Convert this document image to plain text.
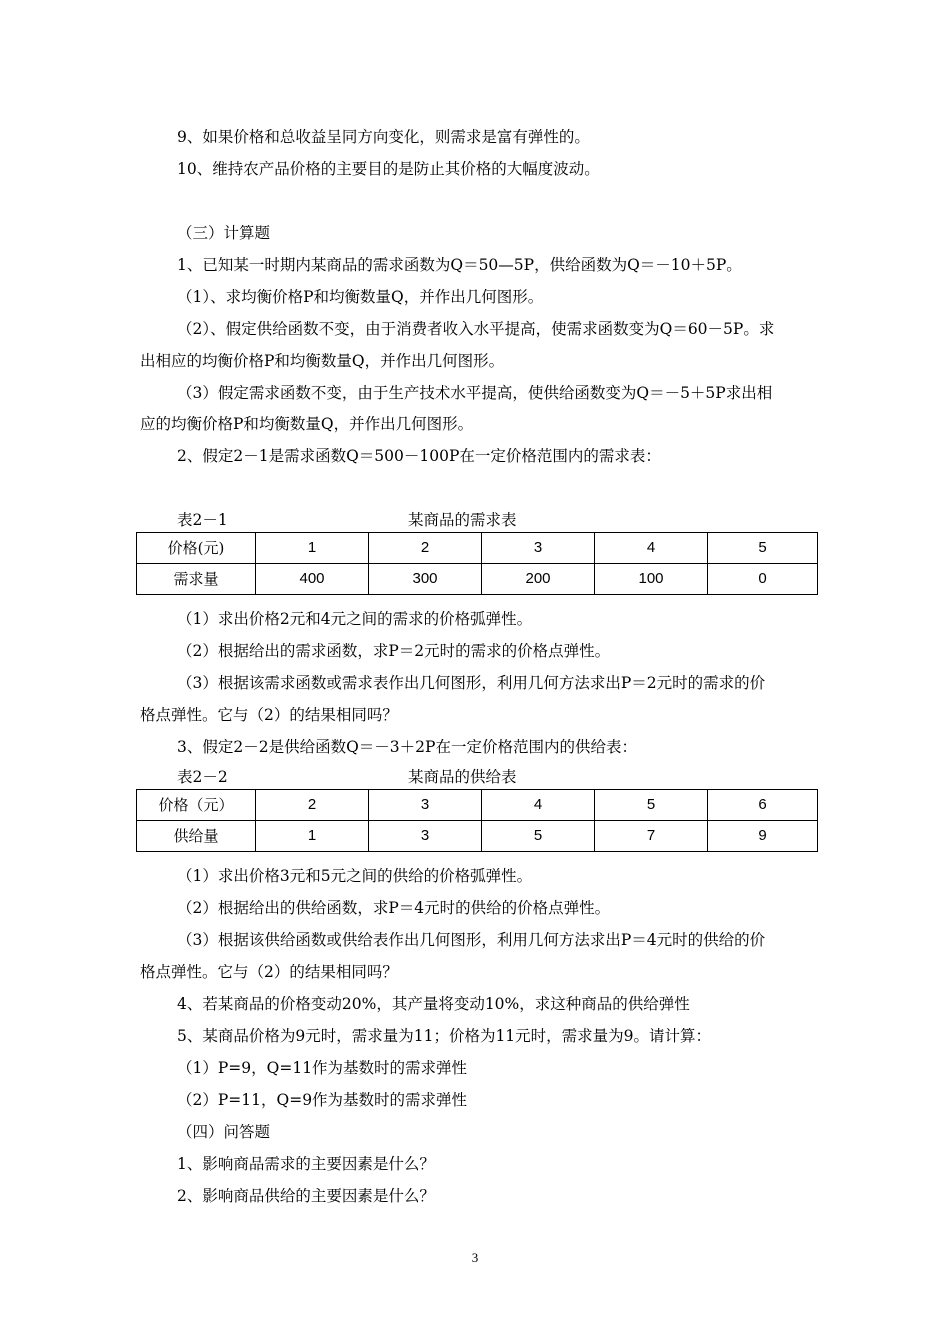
9、如果价格和总收益呈同方向变化，则需求是富有弹性的。
10、维持农产品价格的主要目的是防止其价格的大幅度波动。
（三）计算题
1、已知某一时期内某商品的需求函数为Q＝50—5P，供给函数为Q＝－10＋5P。
（1）、求均衡价格P和均衡数量Q，并作出几何图形。
（2）、假定供给函数不变，由于消费者收入水平提高，使需求函数变为Q＝60－5P。求
出相应的均衡价格P和均衡数量Q，并作出几何图形。
（3）假定需求函数不变，由于生产技术水平提高，使供给函数变为Q＝－5＋5P求出相
应的均衡价格P和均衡数量Q，并作出几何图形。
2、假定2－1是需求函数Q＝500－100P在一定价格范围内的需求表：
表2－1	某商品的需求表
价格(元)	1	2	3	4	5
需求量	400	300	200	100	0
（1）求出价格2元和4元之间的需求的价格弧弹性。
（2）根据给出的需求函数，求P＝2元时的需求的价格点弹性。
（3）根据该需求函数或需求表作出几何图形，利用几何方法求出P＝2元时的需求的价
格点弹性。它与（2）的结果相同吗？
3、假定2－2是供给函数Q＝－3＋2P在一定价格范围内的供给表：
表2－2	某商品的供给表
价格（元）	2	3	4	5	6
供给量	1	3	5	7	9
（1）求出价格3元和5元之间的供给的价格弧弹性。
（2）根据给出的供给函数，求P＝4元时的供给的价格点弹性。
（3）根据该供给函数或供给表作出几何图形，利用几何方法求出P＝4元时的供给的价
格点弹性。它与（2）的结果相同吗？
4、若某商品的价格变动20%，其产量将变动10%，求这种商品的供给弹性
5、某商品价格为9元时，需求量为11；价格为11元时，需求量为9。请计算：
（1）P=9，Q=11作为基数时的需求弹性
（2）P=11，Q=9作为基数时的需求弹性
（四）问答题
1、影响商品需求的主要因素是什么？
2、影响商品供给的主要因素是什么？
3
